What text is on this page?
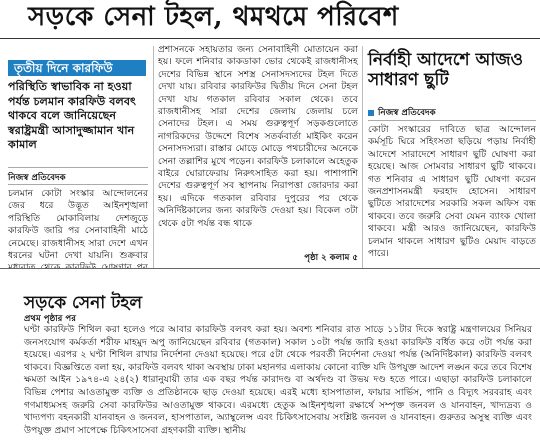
সড়কে সেনা টহল, থমথমে পরিবেশ
তৃতীয় দিনে কারফিউ
পরিস্থিতি স্বাভাবিক না হওয়া পর্যন্ত চলমান কারফিউ বলবৎ থাকবে বলে জানিয়েছেন স্বরাষ্ট্রমন্ত্রী আসাদুজ্জামান খান কামাল
নিজস্ব প্রতিবেদক
চলমান কোটা সংস্কার আন্দোলনের জের ধরে উদ্ভূত আইনশৃঙ্খলা পরিস্থিতি মোকাবিলায় দেশজুড়ে কারফিউ জারি পর সেনাবাহিনী মাঠে নেমেছে। রাজধানীসহ সারা দেশে এখন ধরনের ঘটনা দেখা যায়নি। শুক্রবার
প্রশাসনকে সহায়তার জন্য সেনাবাহিনী মোতায়েন করা হয়। ফলে শনিবার কাকডাকা ভোর থেকেই রাজধানীসহ দেশের বিভিন্ন স্থানে সশস্ত্র সেনাসদস্যদের টহল দিতে দেখা যায়। রবিবার কারফিউর দ্বিতীয় দিনে সেনা টহল দেখা যায় গতকাল রবিবার সকাল থেকে। তবে রাজধানীসহ সারা দেশের জেলায় জেলায় চলে সেনাদের টহল। এ সময় গুরুত্বপূর্ণ সড়কগুলোতে নাগরিকদের উদ্দেশে বিশেষ সতর্কবার্তা মাইকিং করেন সেনাসদস্যরা। রাস্তার মোড়ে মোড়ে পথচারীদের অনেকে সেনা তল্লাশির মুখে পড়েন। কারফিউ চলাকালে অহেতুক বাইরে ঘোরাফেরায় নিরুৎসাহিত করা হয়। পাশাপাশি দেশের গুরুত্বপূর্ণ সব স্থাপনায় নিরাপত্তা জোরদার করা হয়। এদিকে গতকাল রবিবার দুপুরের পর থেকে অনির্দিষ্টকালের জন্য কারফিউ দেওয়া হয়। বিকেল ৩টা থেকে ৫টা পর্যন্ত বন্ধ থাকে
পৃষ্ঠা ২ কলাম ৫
নির্বাহী আদেশে আজও সাধারণ ছুটি
নিজস্ব প্রতিবেদক
কোটা সংস্কারের দাবিতে ছাত্র আন্দোলন কর্মসূচি ঘিরে সহিংসতা ছড়িয়ে পড়ায় নির্বাহী আদেশে সারাদেশে সাধারণ ছুটি ঘোষণা করা হয়েছে। আজ সোমবার সাধারণ ছুটি থাকবে। গত শনিবার এ সাধারণ ছুটি ঘোষণা করেন জনপ্রশাসনমন্ত্রী ফরহাদ হোসেন। সাধারণ ছুটিতে সারাদেশের সরকারি সকল অফিস বন্ধ থাকবে। তবে জরুরি সেবা যেমন ব্যাংক খোলা থাকবে। মন্ত্রী আরও জানিয়েছেন, কারফিউ চলমান থাকলে সাধারণ ছুটিও মেয়াদ বাড়তে পারে।
সড়কে সেনা টহল
প্রথম পৃষ্ঠার পর
ঘণ্টা কারফিউ শিথিল করা হলেও পরে আবার কারফিউ বলবৎ করা হয়। অবশ্য শনিবার রাত সাড়ে ১১টার দিকে স্বরাষ্ট্র মন্ত্রণালয়ের সিনিয়র জনসংযোগ কর্মকর্তা শরীফ মাহমুদ অপু জানিয়েছেন রবিবার (গতকাল) সকাল ১০টা পর্যন্ত জারি হওয়া কারফিউ বর্ধিত করে ৩টা পর্যন্ত করা হয়েছে। এরপর ২ ঘণ্টা শিথিল রাখার নির্দেশনা দেওয়া হয়েছে। পরে ৫টা থেকে পরবর্তী নির্দেশনা দেওয়া পর্যন্ত (অনির্দিষ্টকাল) কারফিউ বলবৎ থাকবে। বিজ্ঞপ্তিতে বলা হয়, কারফিউ বলবৎ থাকা অবস্থায় ঢাকা মহানগর এলাকায় কোনো ব্যক্তি যদি উপযুক্ত আদেশ লঙ্ঘন করে তবে বিশেষ ক্ষমতা আইন ১৯৭৪-এ ২৪(২) ধারানুযায়ী তার এক বছর পর্যন্ত কারাদণ্ড বা অর্থদণ্ড বা উভয় দণ্ড হতে পারে। এছাড়া কারফিউ চলাকালে বিভিন্ন পেশার আওতামুক্ত ব্যক্তি ও প্রতিষ্ঠানকে ছাড় দেওয়া হয়েছে। এরই মধ্যে হাসপাতাল, ফায়ার সার্ভিস, পানি ও বিদ্যুৎ সরবরাহ এবং গণমাধ্যমসহ জরুরি সেবা কারফিউর আওতামুক্ত থাকবে। এরমধ্যে হেতুক আইনশৃঙ্খলা রক্ষার্থে সম্পৃক্ত জনবল ও যানবাহন, খাদ্যদ্রব্য ও খাদ্যপণ্য বহনকারী যানবাহন ও জনবল, হাসপাতাল, অ্যাম্বুলেন্স এবং চিকিৎসাসেবায় সংশ্লিষ্ট জনবল ও যানবাহন। গুরুতর অসুস্থ ব্যক্তি এবং উপযুক্ত প্রমাণ সাপেক্ষে চিকিৎসাসেবা গ্রহণকারী ব্যক্তি। স্থানীয়
